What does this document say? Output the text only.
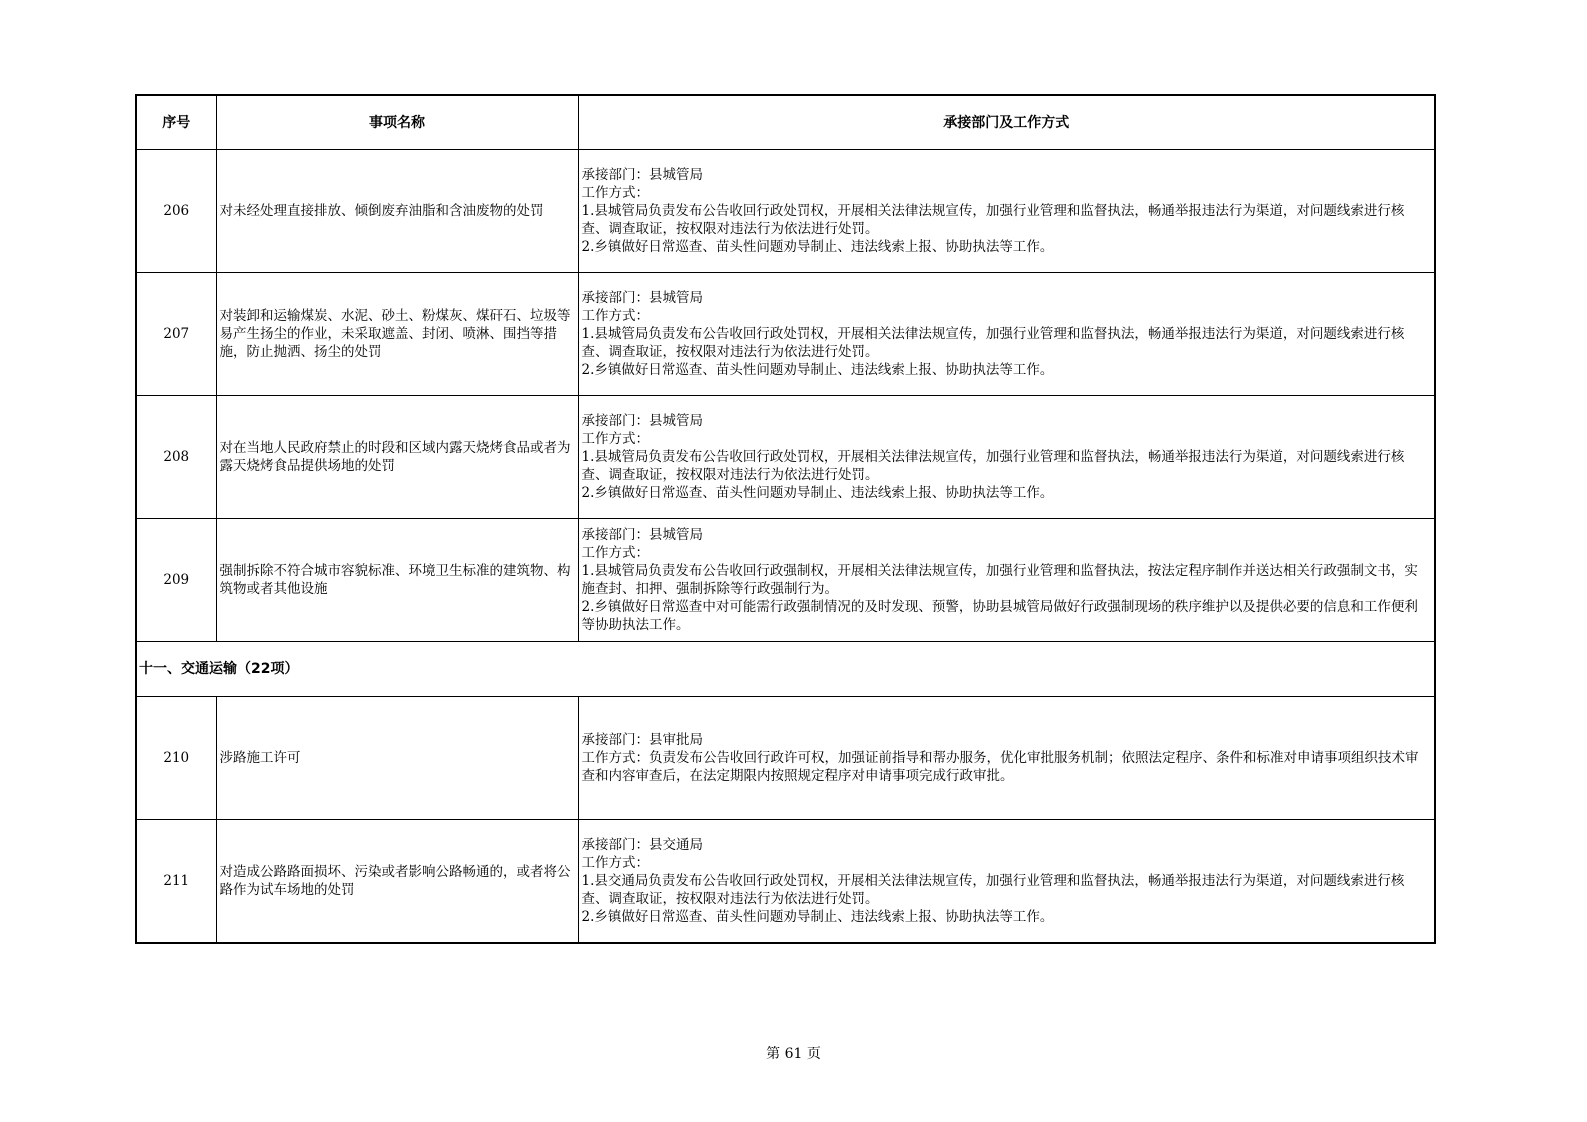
序号	事项名称	承接部门及工作方式
206	对未经处理直接排放、倾倒废弃油脂和含油废物的处罚	承接部门：县城管局
工作方式：
1.县城管局负责发布公告收回行政处罚权，开展相关法律法规宣传，加强行业管理和监督执法，畅通举报违法行为渠道，对问题线索进行核查、调查取证，按权限对违法行为依法进行处罚。
2.乡镇做好日常巡查、苗头性问题劝导制止、违法线索上报、协助执法等工作。

207	对装卸和运输煤炭、水泥、砂土、粉煤灰、煤矸石、垃圾等易产生扬尘的作业，未采取遮盖、封闭、喷淋、围挡等措施，防止抛洒、扬尘的处罚	承接部门：县城管局
工作方式：
1.县城管局负责发布公告收回行政处罚权，开展相关法律法规宣传，加强行业管理和监督执法，畅通举报违法行为渠道，对问题线索进行核查、调查取证，按权限对违法行为依法进行处罚。
2.乡镇做好日常巡查、苗头性问题劝导制止、违法线索上报、协助执法等工作。

208	对在当地人民政府禁止的时段和区域内露天烧烤食品或者为露天烧烤食品提供场地的处罚	承接部门：县城管局
工作方式：
1.县城管局负责发布公告收回行政处罚权，开展相关法律法规宣传，加强行业管理和监督执法，畅通举报违法行为渠道，对问题线索进行核查、调查取证，按权限对违法行为依法进行处罚。
2.乡镇做好日常巡查、苗头性问题劝导制止、违法线索上报、协助执法等工作。

209	强制拆除不符合城市容貌标准、环境卫生标准的建筑物、构筑物或者其他设施	承接部门：县城管局
工作方式：
1.县城管局负责发布公告收回行政强制权，开展相关法律法规宣传，加强行业管理和监督执法，按法定程序制作并送达相关行政强制文书，实施查封、扣押、强制拆除等行政强制行为。
2.乡镇做好日常巡查中对可能需行政强制情况的及时发现、预警，协助县城管局做好行政强制现场的秩序维护以及提供必要的信息和工作便利等协助执法工作。

十一、交通运输（22项）		
210	涉路施工许可	承接部门：县审批局
工作方式：负责发布公告收回行政许可权，加强证前指导和帮办服务，优化审批服务机制；依照法定程序、条件和标准对申请事项组织技术审查和内容审查后，在法定期限内按照规定程序对申请事项完成行政审批。

211	对造成公路路面损坏、污染或者影响公路畅通的，或者将公路作为试车场地的处罚	承接部门：县交通局
工作方式：
1.县交通局负责发布公告收回行政处罚权，开展相关法律法规宣传，加强行业管理和监督执法，畅通举报违法行为渠道，对问题线索进行核查、调查取证，按权限对违法行为依法进行处罚。
2.乡镇做好日常巡查、苗头性问题劝导制止、违法线索上报、协助执法等工作。
第 61 页
